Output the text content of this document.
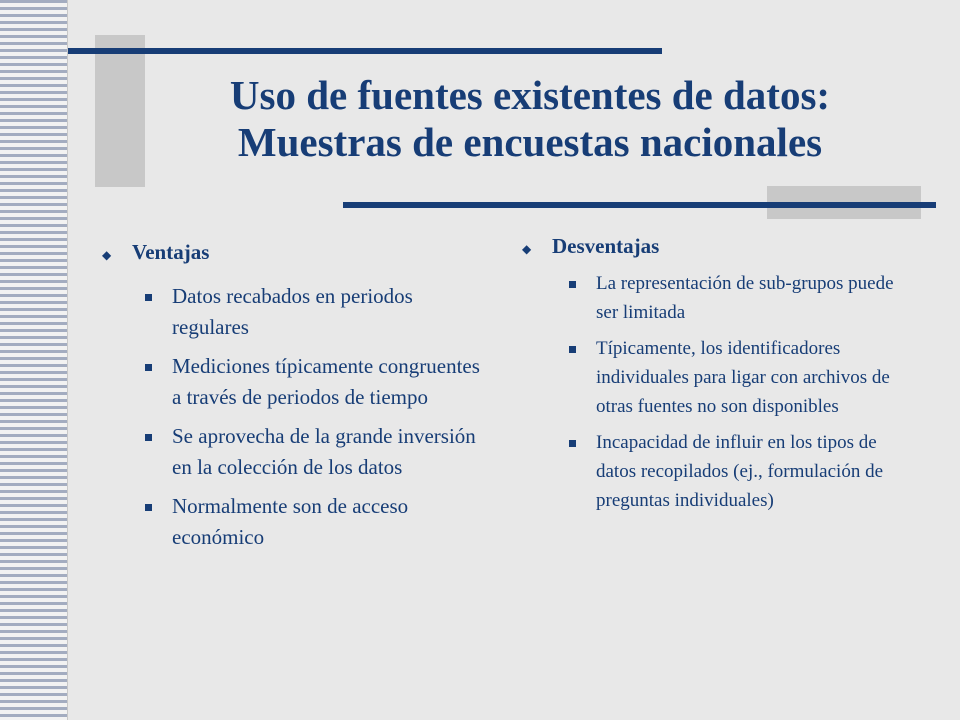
Uso de fuentes existentes de datos:
Muestras de encuestas nacionales
◆ Ventajas
Datos recabados en periodos regulares
Mediciones típicamente congruentes a través de periodos de tiempo
Se aprovecha de la grande inversión en la colección de los datos
Normalmente son de acceso económico
◆ Desventajas
La representación de sub-grupos puede ser limitada
Típicamente, los identificadores individuales para ligar con archivos de otras fuentes no son disponibles
Incapacidad de influir en los tipos de datos recopilados (ej., formulación de preguntas individuales)
